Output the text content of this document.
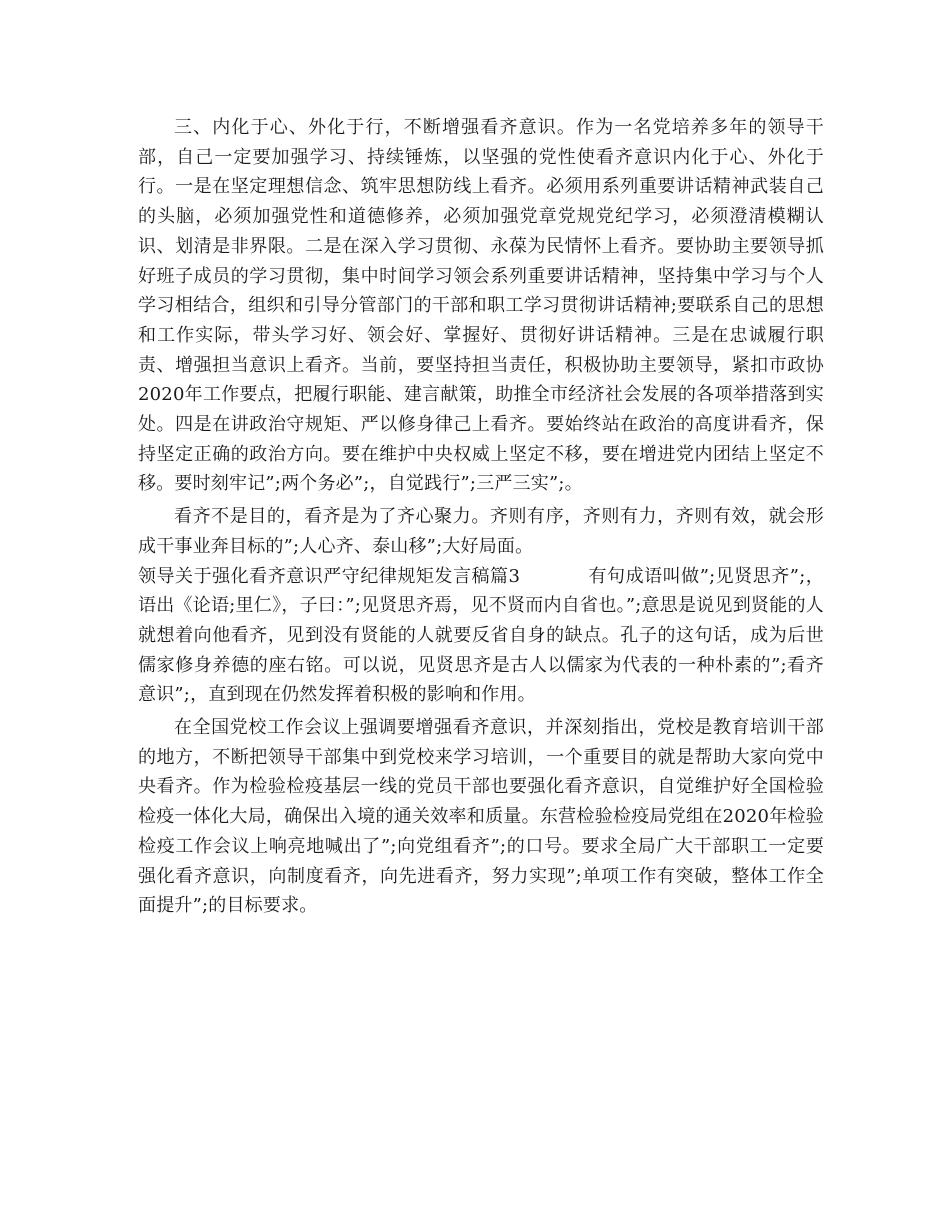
三、内化于心、外化于行，不断增强看齐意识。作为一名党培养多年的领导干部，自己一定要加强学习、持续锤炼，以坚强的党性使看齐意识内化于心、外化于行。一是在坚定理想信念、筑牢思想防线上看齐。必须用系列重要讲话精神武装自己的头脑，必须加强党性和道德修养，必须加强党章党规党纪学习，必须澄清模糊认识、划清是非界限。二是在深入学习贯彻、永葆为民情怀上看齐。要协助主要领导抓好班子成员的学习贯彻，集中时间学习领会系列重要讲话精神，坚持集中学习与个人学习相结合，组织和引导分管部门的干部和职工学习贯彻讲话精神;要联系自己的思想和工作实际，带头学习好、领会好、掌握好、贯彻好讲话精神。三是在忠诚履行职责、增强担当意识上看齐。当前，要坚持担当责任，积极协助主要领导，紧扣市政协2020年工作要点，把履行职能、建言献策，助推全市经济社会发展的各项举措落到实处。四是在讲政治守规矩、严以修身律己上看齐。要始终站在政治的高度讲看齐，保持坚定正确的政治方向。要在维护中央权威上坚定不移，要在增进党内团结上坚定不移。要时刻牢记”;两个务必”;，自觉践行”;三严三实”;。

看齐不是目的，看齐是为了齐心聚力。齐则有序，齐则有力，齐则有效，就会形成干事业奔目标的”;人心齐、泰山移”;大好局面。

领导关于强化看齐意识严守纪律规矩发言稿篇3	有句成语叫做”;见贤思齐”;，语出《论语;里仁》，子曰：”;见贤思齐焉，见不贤而内自省也。”;意思是说见到贤能的人就想着向他看齐，见到没有贤能的人就要反省自身的缺点。孔子的这句话，成为后世儒家修身养德的座右铭。可以说，见贤思齐是古人以儒家为代表的一种朴素的”;看齐意识”;，直到现在仍然发挥着积极的影响和作用。

在全国党校工作会议上强调要增强看齐意识，并深刻指出，党校是教育培训干部的地方，不断把领导干部集中到党校来学习培训，一个重要目的就是帮助大家向党中央看齐。作为检验检疫基层一线的党员干部也要强化看齐意识，自觉维护好全国检验检疫一体化大局，确保出入境的通关效率和质量。东营检验检疫局党组在2020年检验检疫工作会议上响亮地喊出了”;向党组看齐”;的口号。要求全局广大干部职工一定要强化看齐意识，向制度看齐，向先进看齐，努力实现”;单项工作有突破，整体工作全面提升”;的目标要求。
